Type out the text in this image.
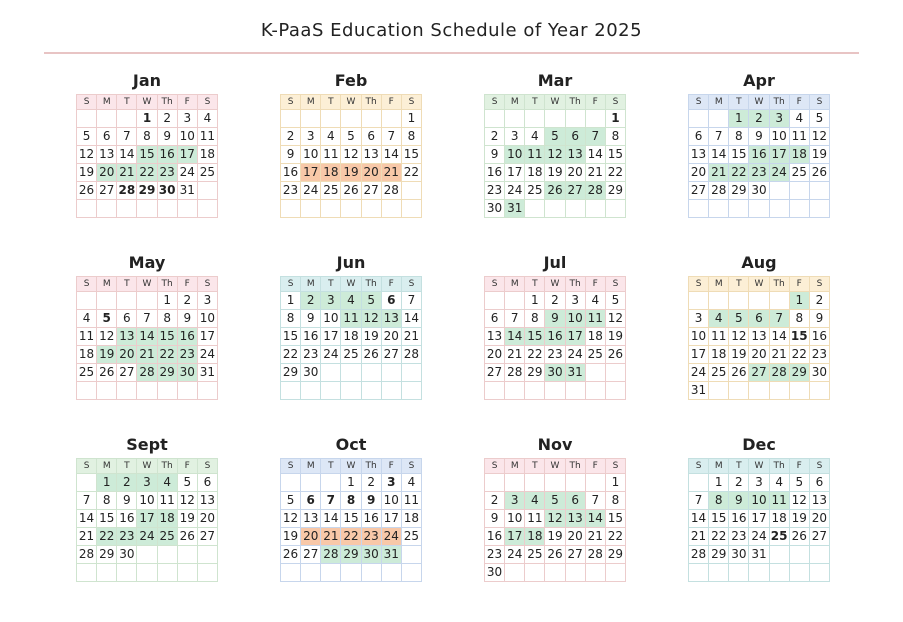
K-PaaS Education Schedule of Year 2025
Jan
S	M	T	W	Th	F	S
			1	2	3	4
5	6	7	8	9	10	11
12	13	14	15	16	17	18
19	20	21	22	23	24	25
26	27	28	29	30	31	

Feb
S	M	T	W	Th	F	S
						1
2	3	4	5	6	7	8
9	10	11	12	13	14	15
16	17	18	19	20	21	22
23	24	25	26	27	28	

Mar
S	M	T	W	Th	F	S
						1
2	3	4	5	6	7	8
9	10	11	12	13	14	15
16	17	18	19	20	21	22
23	24	25	26	27	28	29
30	31					
Apr
S	M	T	W	Th	F	S
		1	2	3	4	5
6	7	8	9	10	11	12
13	14	15	16	17	18	19
20	21	22	23	24	25	26
27	28	29	30			

May
S	M	T	W	Th	F	S
				1	2	3
4	5	6	7	8	9	10
11	12	13	14	15	16	17
18	19	20	21	22	23	24
25	26	27	28	29	30	31

Jun
S	M	T	W	Th	F	S
1	2	3	4	5	6	7
8	9	10	11	12	13	14
15	16	17	18	19	20	21
22	23	24	25	26	27	28
29	30					

Jul
S	M	T	W	Th	F	S
		1	2	3	4	5
6	7	8	9	10	11	12
13	14	15	16	17	18	19
20	21	22	23	24	25	26
27	28	29	30	31		

Aug
S	M	T	W	Th	F	S
					1	2
3	4	5	6	7	8	9
10	11	12	13	14	15	16
17	18	19	20	21	22	23
24	25	26	27	28	29	30
31						
Sept
S	M	T	W	Th	F	S
	1	2	3	4	5	6
7	8	9	10	11	12	13
14	15	16	17	18	19	20
21	22	23	24	25	26	27
28	29	30				

Oct
S	M	T	W	Th	F	S
			1	2	3	4
5	6	7	8	9	10	11
12	13	14	15	16	17	18
19	20	21	22	23	24	25
26	27	28	29	30	31	

Nov
S	M	T	W	Th	F	S
						1
2	3	4	5	6	7	8
9	10	11	12	13	14	15
16	17	18	19	20	21	22
23	24	25	26	27	28	29
30						
Dec
S	M	T	W	Th	F	S
	1	2	3	4	5	6
7	8	9	10	11	12	13
14	15	16	17	18	19	20
21	22	23	24	25	26	27
28	29	30	31			
